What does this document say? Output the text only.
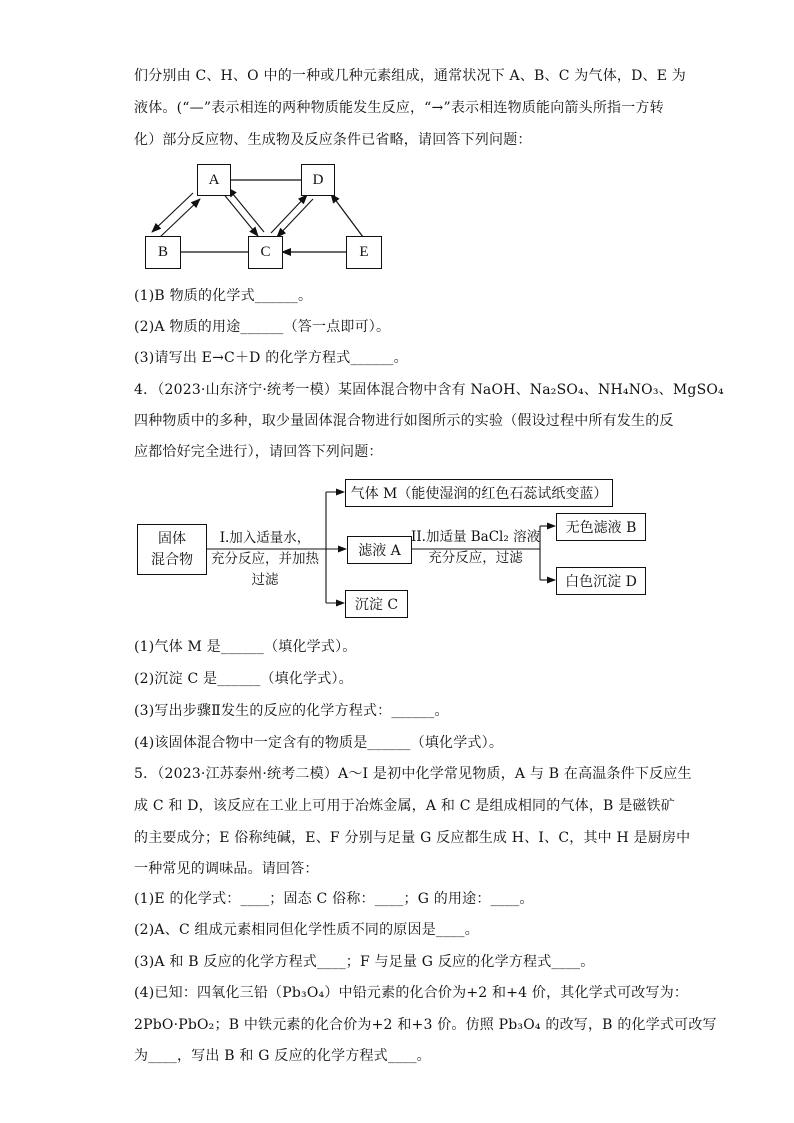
们分别由 C、H、O 中的一种或几种元素组成，通常状况下 A、B、C 为气体，D、E 为
液体。(“—”表示相连的两种物质能发生反应，“→”表示相连物质能向箭头所指一方转
化）部分反应物、生成物及反应条件已省略，请回答下列问题：
A	D
B	C	E
(1)B 物质的化学式______。
(2)A 物质的用途______（答一点即可）。
(3)请写出 E→C＋D 的化学方程式______。
4．（2023·山东济宁·统考一模）某固体混合物中含有 NaOH、Na₂SO₄、NH₄NO₃、MgSO₄
四种物质中的多种，取少量固体混合物进行如图所示的实验（假设过程中所有发生的反
应都恰好完全进行），请回答下列问题：
固体
混合物
I.加入适量水，
充分反应，并加热
过滤
气体 M（能使湿润的红色石蕊试纸变蓝）
滤液 A
沉淀 C
II.加适量 BaCl₂ 溶液
充分反应，过滤
无色滤液 B
白色沉淀 D
(1)气体 M 是______（填化学式）。
(2)沉淀 C 是______（填化学式）。
(3)写出步骤Ⅱ发生的反应的化学方程式：______。
(4)该固体混合物中一定含有的物质是______（填化学式）。
5．（2023·江苏泰州·统考二模）A～I 是初中化学常见物质，A 与 B 在高温条件下反应生
成 C 和 D，该反应在工业上可用于冶炼金属，A 和 C 是组成相同的气体，B 是磁铁矿
的主要成分；E 俗称纯碱，E、F 分别与足量 G 反应都生成 H、I、C，其中 H 是厨房中
一种常见的调味品。请回答：
(1)E 的化学式：____；固态 C 俗称：____；G 的用途：____。
(2)A、C 组成元素相同但化学性质不同的原因是____。
(3)A 和 B 反应的化学方程式____；F 与足量 G 反应的化学方程式____。
(4)已知：四氧化三铅（Pb₃O₄）中铅元素的化合价为+2 和+4 价，其化学式可改写为：
2PbO·PbO₂；B 中铁元素的化合价为+2 和+3 价。仿照 Pb₃O₄ 的改写，B 的化学式可改写
为____，写出 B 和 G 反应的化学方程式____。
